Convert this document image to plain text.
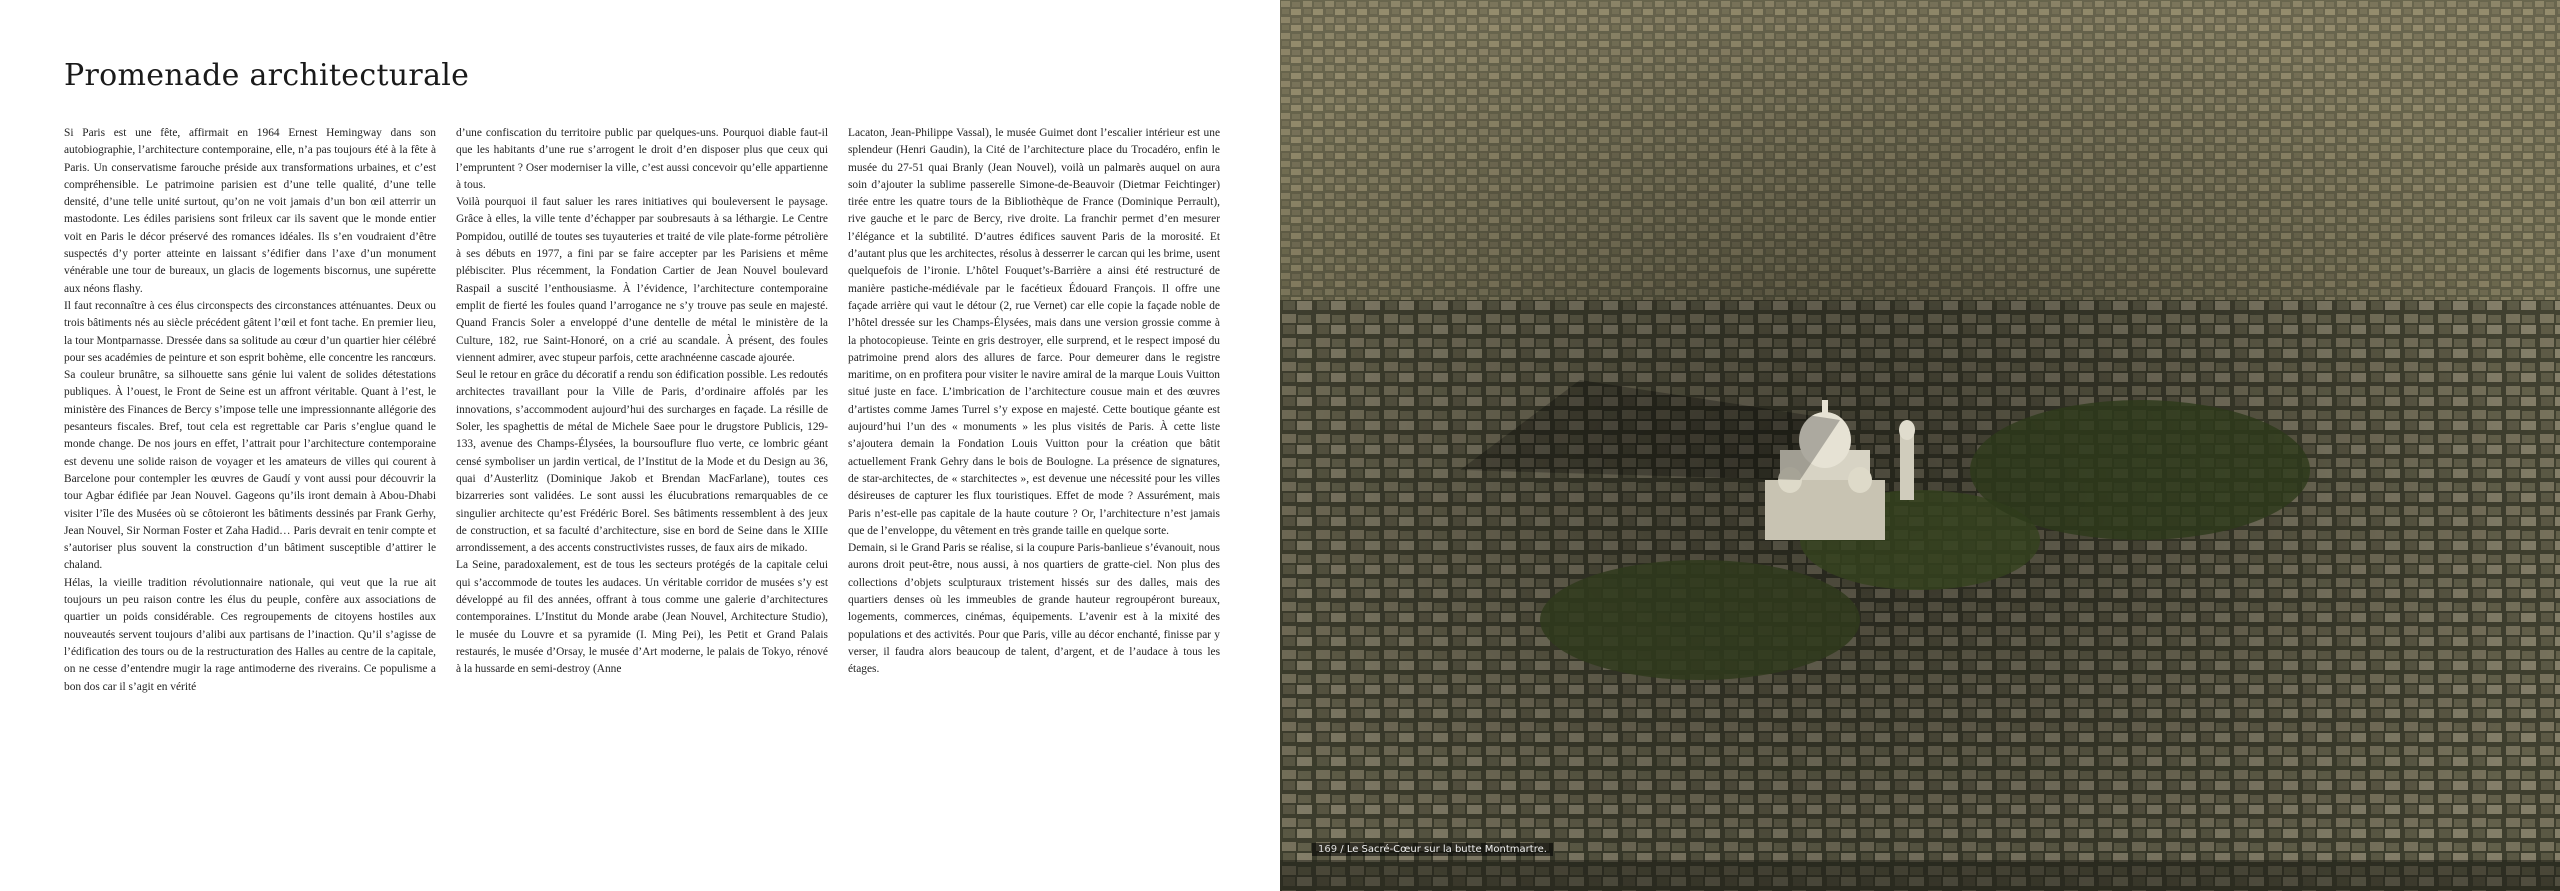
Promenade architecturale

Si Paris est une fête, affirmait en 1964 Ernest Hemingway dans son autobiographie, l’architecture contemporaine, elle, n’a pas toujours été à la fête à Paris. Un conservatisme farouche préside aux transformations urbaines, et c’est compréhensible. Le patrimoine parisien est d’une telle qualité, d’une telle densité, d’une telle unité surtout, qu’on ne voit jamais d’un bon œil atterrir un mastodonte. Les édiles parisiens sont frileux car ils savent que le monde entier voit en Paris le décor préservé des romances idéales. Ils s’en voudraient d’être suspectés d’y porter atteinte en laissant s’édifier dans l’axe d’un monument vénérable une tour de bureaux, un glacis de logements biscornus, une supérette aux néons flashy.

Il faut reconnaître à ces élus circonspects des circonstances atténuantes. Deux ou trois bâtiments nés au siècle précédent gâtent l’œil et font tache. En premier lieu, la tour Montparnasse. Dressée dans sa solitude au cœur d’un quartier hier célébré pour ses académies de peinture et son esprit bohème, elle concentre les rancœurs. Sa couleur brunâtre, sa silhouette sans génie lui valent de solides détestations publiques. À l’ouest, le Front de Seine est un affront véritable. Quant à l’est, le ministère des Finances de Bercy s’impose telle une impressionnante allégorie des pesanteurs fiscales. Bref, tout cela est regrettable car Paris s’englue quand le monde change. De nos jours en effet, l’attrait pour l’architecture contemporaine est devenu une solide raison de voyager et les amateurs de villes qui courent à Barcelone pour contempler les œuvres de Gaudí y vont aussi pour découvrir la tour Agbar édifiée par Jean Nouvel. Gageons qu’ils iront demain à Abou-Dhabi visiter l’île des Musées où se côtoieront les bâtiments dessinés par Frank Gerhy, Jean Nouvel, Sir Norman Foster et Zaha Hadid… Paris devrait en tenir compte et s’autoriser plus souvent la construction d’un bâtiment susceptible d’attirer le chaland.

Hélas, la vieille tradition révolutionnaire nationale, qui veut que la rue ait toujours un peu raison contre les élus du peuple, confère aux associations de quartier un poids considérable. Ces regroupements de citoyens hostiles aux nouveautés servent toujours d’alibi aux partisans de l’inaction. Qu’il s’agisse de l’édification des tours ou de la restructuration des Halles au centre de la capitale, on ne cesse d’entendre mugir la rage antimoderne des riverains. Ce populisme a bon dos car il s’agit en vérité

d’une confiscation du territoire public par quelques-uns. Pourquoi diable faut-il que les habitants d’une rue s’arrogent le droit d’en disposer plus que ceux qui l’empruntent ? Oser moderniser la ville, c’est aussi concevoir qu’elle appartienne à tous.

Voilà pourquoi il faut saluer les rares initiatives qui bouleversent le paysage. Grâce à elles, la ville tente d’échapper par soubresauts à sa léthargie. Le Centre Pompidou, outillé de toutes ses tuyauteries et traité de vile plate-forme pétrolière à ses débuts en 1977, a fini par se faire accepter par les Parisiens et même plébisciter. Plus récemment, la Fondation Cartier de Jean Nouvel boulevard Raspail a suscité l’enthousiasme. À l’évidence, l’architecture contemporaine emplit de fierté les foules quand l’arrogance ne s’y trouve pas seule en majesté. Quand Francis Soler a enveloppé d’une dentelle de métal le ministère de la Culture, 182, rue Saint-Honoré, on a crié au scandale. À présent, des foules viennent admirer, avec stupeur parfois, cette arachnéenne cascade ajourée.

Seul le retour en grâce du décoratif a rendu son édification possible. Les redoutés architectes travaillant pour la Ville de Paris, d’ordinaire affolés par les innovations, s’accommodent aujourd’hui des surcharges en façade. La résille de Soler, les spaghettis de métal de Michele Saee pour le drugstore Publicis, 129-133, avenue des Champs-Élysées, la boursouflure fluo verte, ce lombric géant censé symboliser un jardin vertical, de l’Institut de la Mode et du Design au 36, quai d’Austerlitz (Dominique Jakob et Brendan MacFarlane), toutes ces bizarreries sont validées. Le sont aussi les élucubrations remarquables de ce singulier architecte qu’est Frédéric Borel. Ses bâtiments ressemblent à des jeux de construction, et sa faculté d’architecture, sise en bord de Seine dans le XIIIe arrondissement, a des accents constructivistes russes, de faux airs de mikado.

La Seine, paradoxalement, est de tous les secteurs protégés de la capitale celui qui s’accommode de toutes les audaces. Un véritable corridor de musées s’y est développé au fil des années, offrant à tous comme une galerie d’architectures contemporaines. L’Institut du Monde arabe (Jean Nouvel, Architecture Studio), le musée du Louvre et sa pyramide (I. Ming Pei), les Petit et Grand Palais restaurés, le musée d’Orsay, le musée d’Art moderne, le palais de Tokyo, rénové à la hussarde en semi-destroy (Anne

Lacaton, Jean-Philippe Vassal), le musée Guimet dont l’escalier intérieur est une splendeur (Henri Gaudin), la Cité de l’architecture place du Trocadéro, enfin le musée du 27-51 quai Branly (Jean Nouvel), voilà un palmarès auquel on aura soin d’ajouter la sublime passerelle Simone-de-Beauvoir (Dietmar Feichtinger) tirée entre les quatre tours de la Bibliothèque de France (Dominique Perrault), rive gauche et le parc de Bercy, rive droite. La franchir permet d’en mesurer l’élégance et la subtilité. D’autres édifices sauvent Paris de la morosité. Et d’autant plus que les architectes, résolus à desserrer le carcan qui les brime, usent quelquefois de l’ironie. L’hôtel Fouquet’s-Barrière a ainsi été restructuré de manière pastiche-médiévale par le facétieux Édouard François. Il offre une façade arrière qui vaut le détour (2, rue Vernet) car elle copie la façade noble de l’hôtel dressée sur les Champs-Élysées, mais dans une version grossie comme à la photocopieuse. Teinte en gris destroyer, elle surprend, et le respect imposé du patrimoine prend alors des allures de farce. Pour demeurer dans le registre maritime, on en profitera pour visiter le navire amiral de la marque Louis Vuitton situé juste en face. L’imbrication de l’architecture cousue main et des œuvres d’artistes comme James Turrel s’y expose en majesté. Cette boutique géante est aujourd’hui l’un des « monuments » les plus visités de Paris. À cette liste s’ajoutera demain la Fondation Louis Vuitton pour la création que bâtit actuellement Frank Gehry dans le bois de Boulogne. La présence de signatures, de star-architectes, de « starchitectes », est devenue une nécessité pour les villes désireuses de capturer les flux touristiques. Effet de mode ? Assurément, mais Paris n’est-elle pas capitale de la haute couture ? Or, l’architecture n’est jamais que de l’enveloppe, du vêtement en très grande taille en quelque sorte.

Demain, si le Grand Paris se réalise, si la coupure Paris-banlieue s’évanouit, nous aurons droit peut-être, nous aussi, à nos quartiers de gratte-ciel. Non plus des collections d’objets sculpturaux tristement hissés sur des dalles, mais des quartiers denses où les immeubles de grande hauteur regroupéront bureaux, logements, commerces, cinémas, équipements. L’avenir est à la mixité des populations et des activités. Pour que Paris, ville au décor enchanté, finisse par y verser, il faudra alors beaucoup de talent, d’argent, et de l’audace à tous les étages.

169 / Le Sacré-Cœur sur la butte Montmartre.
